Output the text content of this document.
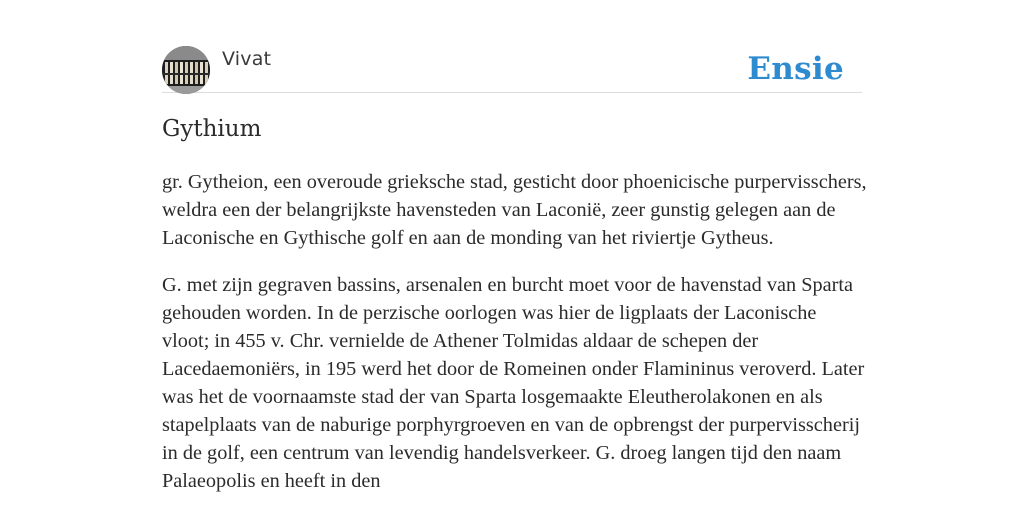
Vivat	Ensie
Gythium

gr. Gytheion, een overoude grieksche stad, gesticht door phoenicische purpervisschers, weldra een der belangrijkste havensteden van Laconië, zeer gunstig gelegen aan de Laconische en Gythische golf en aan de monding van het riviertje Gytheus.

G. met zijn gegraven bassins, arsenalen en burcht moet voor de havenstad van Sparta gehouden worden. In de perzische oorlogen was hier de ligplaats der Laconische vloot; in 455 v. Chr. vernielde de Athener Tolmidas aldaar de schepen der Lacedaemoniërs, in 195 werd het door de Romeinen onder Flamininus veroverd. Later was het de voornaamste stad der van Sparta losgemaakte Eleutherolakonen en als stapelplaats van de naburige porphyrgroeven en van de opbrengst der purpervisscherij in de golf, een centrum van levendig handelsverkeer. G. droeg langen tijd den naam Palaeopolis en heeft in den
